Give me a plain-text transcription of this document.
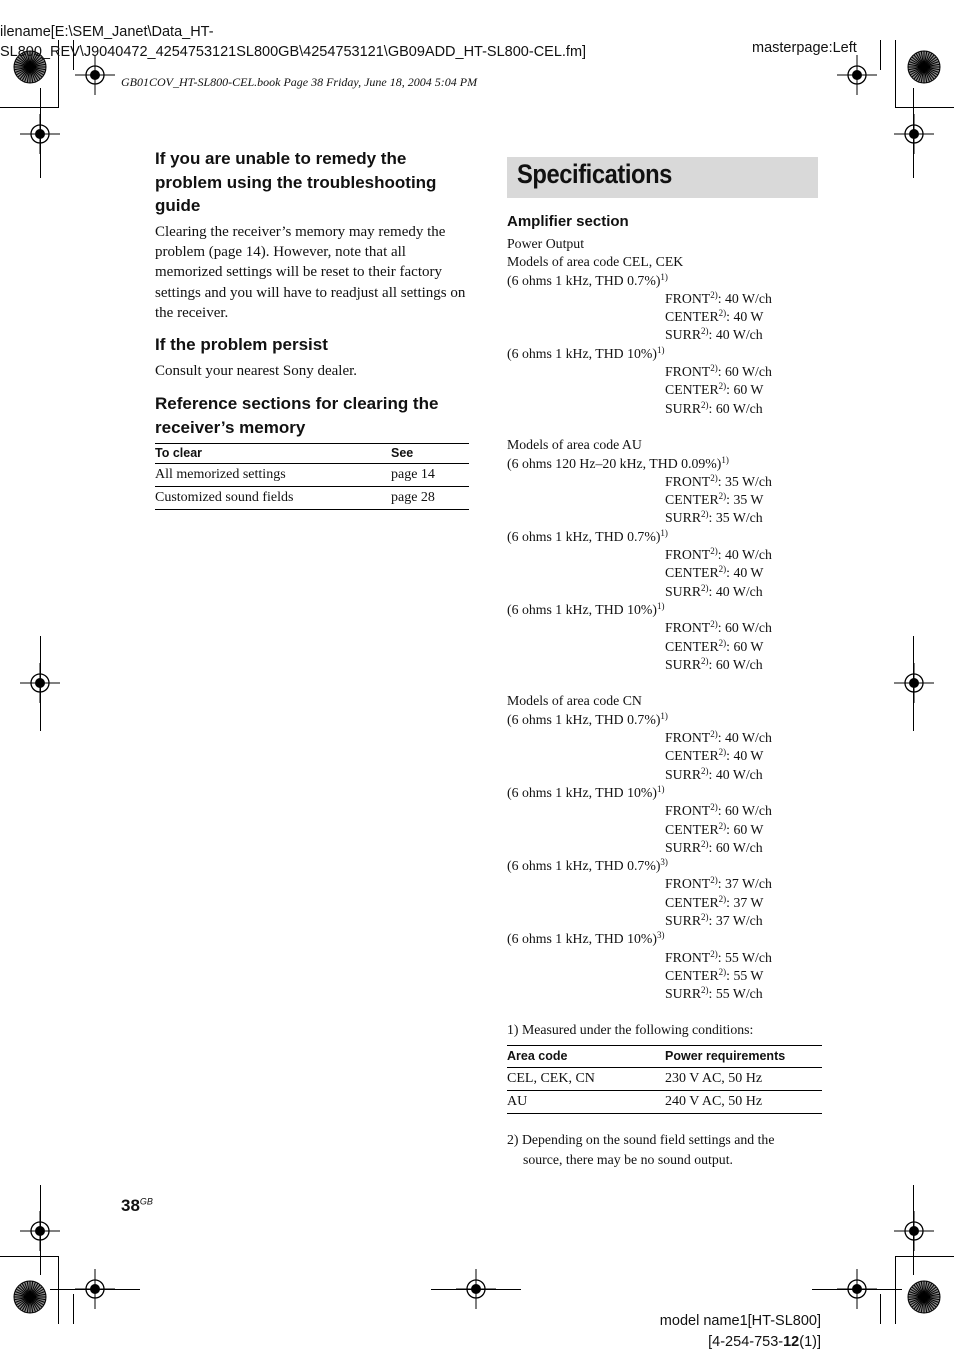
ilename[E:\SEM_Janet\Data_HT-
SL800_REV\J9040472_4254753121SL800GB\4254753121\GB09ADD_HT-SL800-CEL.fm]	masterpage:Left
GB01COV_HT-SL800-CEL.book Page 38 Friday, June 18, 2004 5:04 PM
If you are unable to remedy the problem using the troubleshooting guide
Clearing the receiver’s memory may remedy the problem (page 14). However, note that all memorized settings will be reset to their factory settings and you will have to readjust all settings on the receiver.
If the problem persist
Consult your nearest Sony dealer.
Reference sections for clearing the receiver’s memory
To clear	See
All memorized settings	page 14
Customized sound fields	page 28
Specifications
Amplifier section
Power Output
Models of area code CEL, CEK
(6 ohms 1 kHz, THD 0.7%)$^{1)}$
FRONT$^{2)}$: 40 W/ch
CENTER$^{2)}$: 40 W
SURR$^{2)}$: 40 W/ch
(6 ohms 1 kHz, THD 10%)$^{1)}$
FRONT$^{2)}$: 60 W/ch
CENTER$^{2)}$: 60 W
SURR$^{2)}$: 60 W/ch
Models of area code AU
(6 ohms 120 Hz–20 kHz, THD 0.09%)$^{1)}$
FRONT$^{2)}$: 35 W/ch
CENTER$^{2)}$: 35 W
SURR$^{2)}$: 35 W/ch
(6 ohms 1 kHz, THD 0.7%)$^{1)}$
FRONT$^{2)}$: 40 W/ch
CENTER$^{2)}$: 40 W
SURR$^{2)}$: 40 W/ch
(6 ohms 1 kHz, THD 10%)$^{1)}$
FRONT$^{2)}$: 60 W/ch
CENTER$^{2)}$: 60 W
SURR$^{2)}$: 60 W/ch
Models of area code CN
(6 ohms 1 kHz, THD 0.7%)$^{1)}$
FRONT$^{2)}$: 40 W/ch
CENTER$^{2)}$: 40 W
SURR$^{2)}$: 40 W/ch
(6 ohms 1 kHz, THD 10%)$^{1)}$
FRONT$^{2)}$: 60 W/ch
CENTER$^{2)}$: 60 W
SURR$^{2)}$: 60 W/ch
(6 ohms 1 kHz, THD 0.7%)$^{3)}$
FRONT$^{2)}$: 37 W/ch
CENTER$^{2)}$: 37 W
SURR$^{2)}$: 37 W/ch
(6 ohms 1 kHz, THD 10%)$^{3)}$
FRONT$^{2)}$: 55 W/ch
CENTER$^{2)}$: 55 W
SURR$^{2)}$: 55 W/ch
1) Measured under the following conditions:
Area code	Power requirements
CEL, CEK, CN	230 V AC, 50 Hz
AU	240 V AC, 50 Hz
2) Depending on the sound field settings and the
source, there may be no sound output.
$38^{GB}$
model name1[HT-SL800]
[4-254-753-12(1)]
